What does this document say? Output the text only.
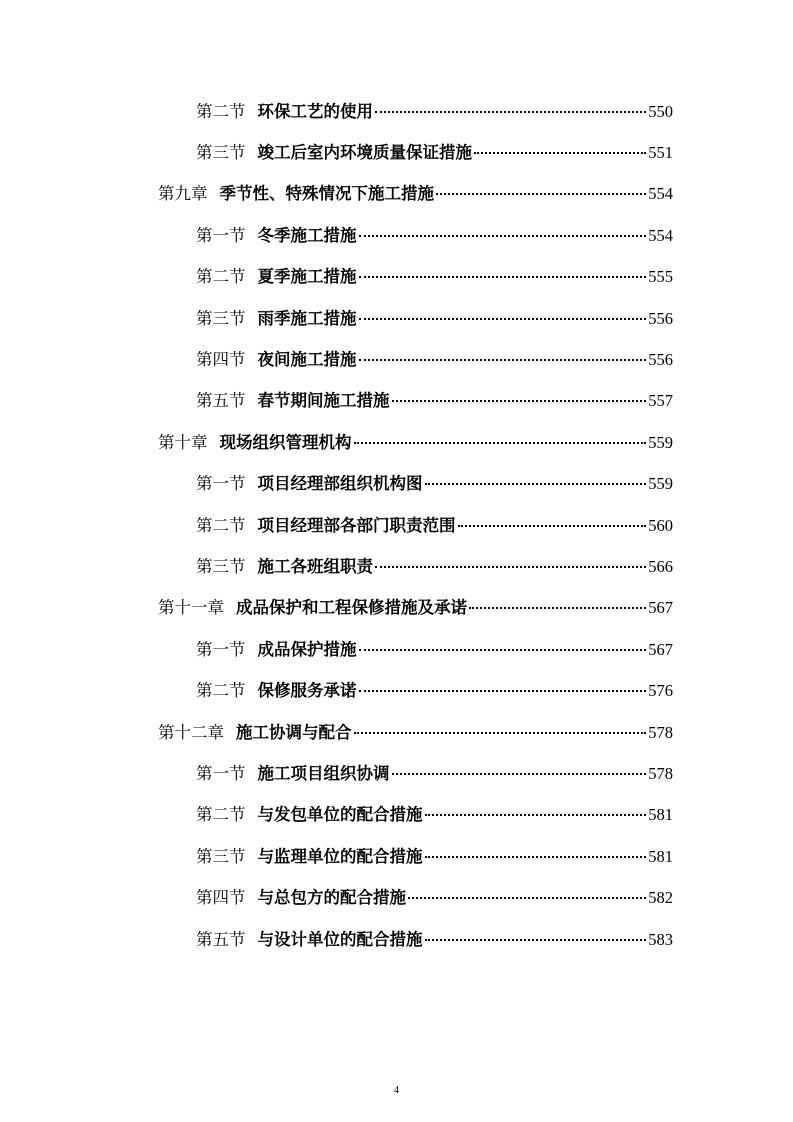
第二节 环保工艺的使用	550
第三节 竣工后室内环境质量保证措施	551
第九章 季节性、特殊情况下施工措施	554
第一节 冬季施工措施	554
第二节 夏季施工措施	555
第三节 雨季施工措施	556
第四节 夜间施工措施	556
第五节 春节期间施工措施	557
第十章 现场组织管理机构	559
第一节 项目经理部组织机构图	559
第二节 项目经理部各部门职责范围	560
第三节 施工各班组职责	566
第十一章 成品保护和工程保修措施及承诺	567
第一节 成品保护措施	567
第二节 保修服务承诺	576
第十二章 施工协调与配合	578
第一节 施工项目组织协调	578
第二节 与发包单位的配合措施	581
第三节 与监理单位的配合措施	581
第四节 与总包方的配合措施	582
第五节 与设计单位的配合措施	583
4
